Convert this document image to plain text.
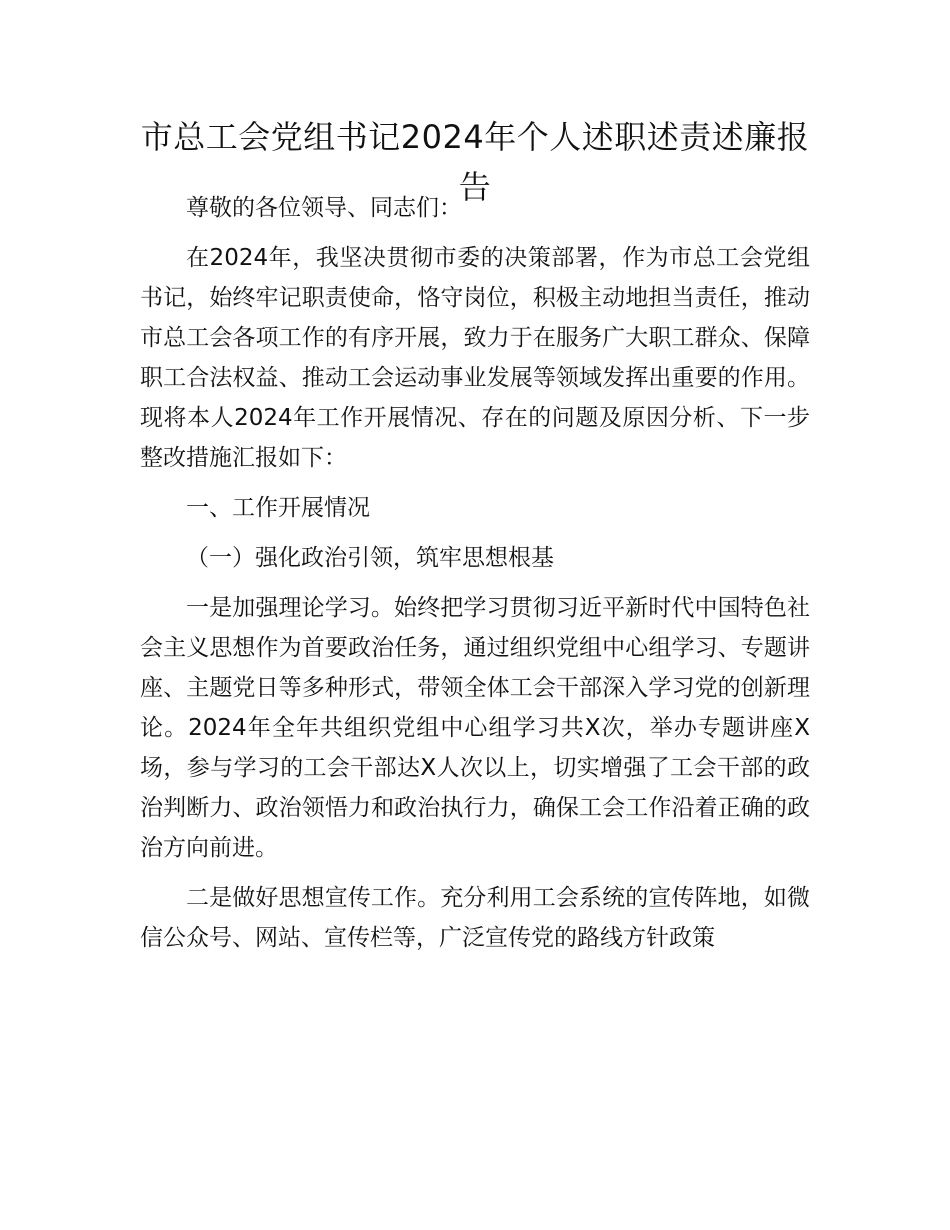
市总工会党组书记2024年个人述职述责述廉报告

尊敬的各位领导、同志们：

在2024年，我坚决贯彻市委的决策部署，作为市总工会党组书记，始终牢记职责使命，恪守岗位，积极主动地担当责任，推动市总工会各项工作的有序开展，致力于在服务广大职工群众、保障职工合法权益、推动工会运动事业发展等领域发挥出重要的作用。现将本人2024年工作开展情况、存在的问题及原因分析、下一步整改措施汇报如下：

一、工作开展情况

（一）强化政治引领，筑牢思想根基

一是加强理论学习。始终把学习贯彻习近平新时代中国特色社会主义思想作为首要政治任务，通过组织党组中心组学习、专题讲座、主题党日等多种形式，带领全体工会干部深入学习党的创新理论。2024年全年共组织党组中心组学习共X次，举办专题讲座X场，参与学习的工会干部达X人次以上，切实增强了工会干部的政治判断力、政治领悟力和政治执行力，确保工会工作沿着正确的政治方向前进。

二是做好思想宣传工作。充分利用工会系统的宣传阵地，如微信公众号、网站、宣传栏等，广泛宣传党的路线方针政策
